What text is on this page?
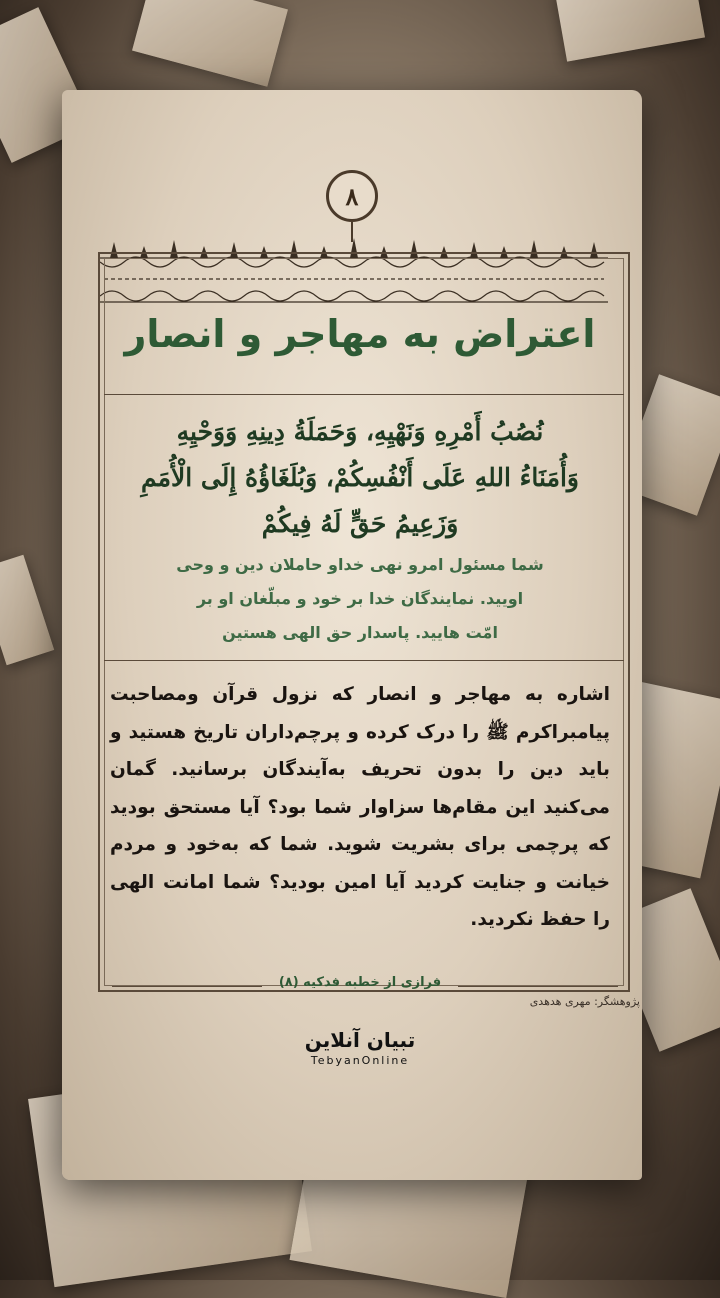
۸
اعتراض به مهاجر و انصار
نُصُبُ أَمْرِهِ وَنَهْيِهِ، وَحَمَلَةُ دِينِهِ وَوَحْيِهِ
وَأُمَنَاءُ اللهِ عَلَى أَنْفُسِكُمْ، وَبُلَغَاؤُهُ إِلَى الْأُمَمِ
وَزَعِيمُ حَقٍّ لَهُ فِيكُمْ
شما مسئول امرو نهی خداو حاملان دین و وحی
اویید. نمایندگان خدا بر خود و مبلّغان او بر
امّت هایید. پاسدار حق الهی هستین
اشاره به مهاجر و انصار که نزول قرآن ومصاحبت پیامبراکرم ﷺ را درک کرده و پرچم‌داران تاریخ هستید و باید دین را بدون تحریف به‌آیندگان برسانید. گمان می‌کنید این مقام‌ها سزاوار شما بود؟ آیا مستحق بودید که پرچمی برای بشریت شوید. شما که به‌خود و مردم خیانت و جنایت کردید آیا امین بودید؟ شما امانت الهی را حفظ نکردید.
فرازی از خطبه فدکیه (۸)
پژوهشگر: مهری هدهدی
تبیان آنلاین
TebyanOnline
